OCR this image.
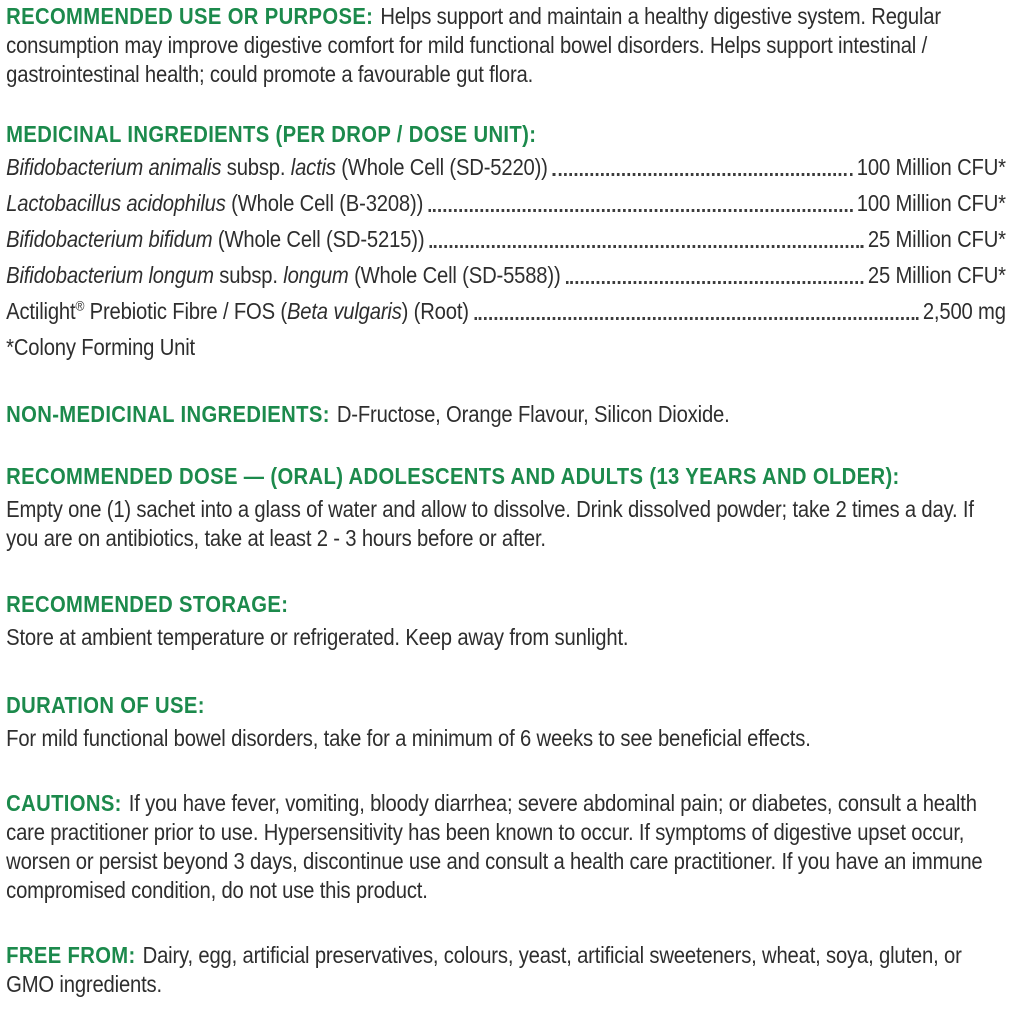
RECOMMENDED USE OR PURPOSE: Helps support and maintain a healthy digestive system. Regular consumption may improve digestive comfort for mild functional bowel disorders. Helps support intestinal / gastrointestinal health; could promote a favourable gut flora.

MEDICINAL INGREDIENTS (PER DROP / DOSE UNIT):
Bifidobacterium animalis subsp. lactis (Whole Cell (SD-5220))	100 Million CFU*
Lactobacillus acidophilus (Whole Cell (B-3208))	100 Million CFU*
Bifidobacterium bifidum (Whole Cell (SD-5215))	25 Million CFU*
Bifidobacterium longum subsp. longum (Whole Cell (SD-5588))	25 Million CFU*
Actilight® Prebiotic Fibre / FOS (Beta vulgaris) (Root)	2,500 mg

*Colony Forming Unit

NON-MEDICINAL INGREDIENTS: D-Fructose, Orange Flavour, Silicon Dioxide.

RECOMMENDED DOSE — (ORAL) ADOLESCENTS AND ADULTS (13 YEARS AND OLDER):

Empty one (1) sachet into a glass of water and allow to dissolve. Drink dissolved powder; take 2 times a day. If you are on antibiotics, take at least 2 - 3 hours before or after.

RECOMMENDED STORAGE:

Store at ambient temperature or refrigerated. Keep away from sunlight.

DURATION OF USE:

For mild functional bowel disorders, take for a minimum of 6 weeks to see beneficial effects.

CAUTIONS: If you have fever, vomiting, bloody diarrhea; severe abdominal pain; or diabetes, consult a health care practitioner prior to use. Hypersensitivity has been known to occur. If symptoms of digestive upset occur, worsen or persist beyond 3 days, discontinue use and consult a health care practitioner. If you have an immune compromised condition, do not use this product.

FREE FROM: Dairy, egg, artificial preservatives, colours, yeast, artificial sweeteners, wheat, soya, gluten, or GMO ingredients.
